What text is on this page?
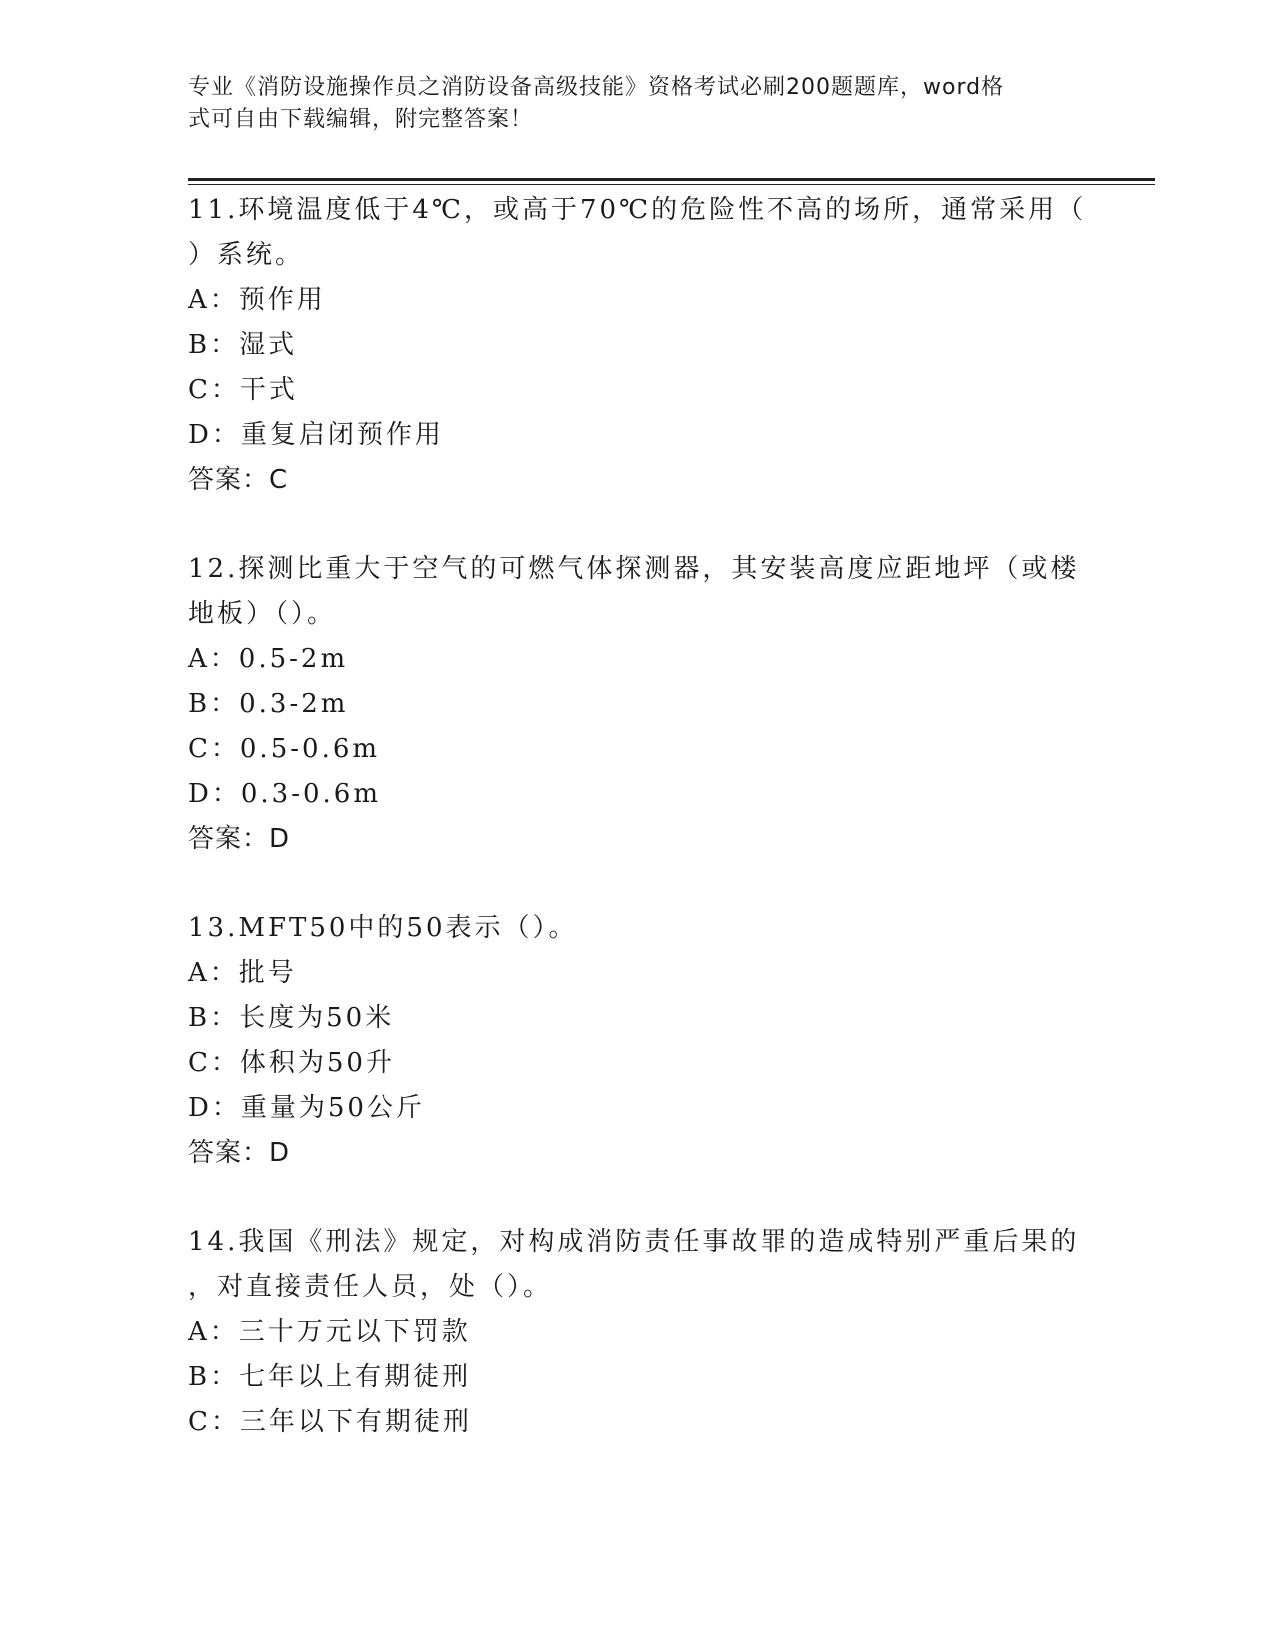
专业《消防设施操作员之消防设备高级技能》资格考试必刷200题题库，word格
式可自由下载编辑，附完整答案！

11.环境温度低于4℃，或高于70℃的危险性不高的场所，通常采用（
）系统。

A：预作用

B：湿式

C：干式

D：重复启闭预作用

答案：C

12.探测比重大于空气的可燃气体探测器，其安装高度应距地坪（或楼
地板）（）。

A：0.5-2m

B：0.3-2m

C：0.5-0.6m

D：0.3-0.6m

答案：D

13.MFT50中的50表示（）。

A：批号

B：长度为50米

C：体积为50升

D：重量为50公斤

答案：D

14.我国《刑法》规定，对构成消防责任事故罪的造成特别严重后果的
，对直接责任人员，处（）。

A：三十万元以下罚款

B：七年以上有期徒刑

C：三年以下有期徒刑
